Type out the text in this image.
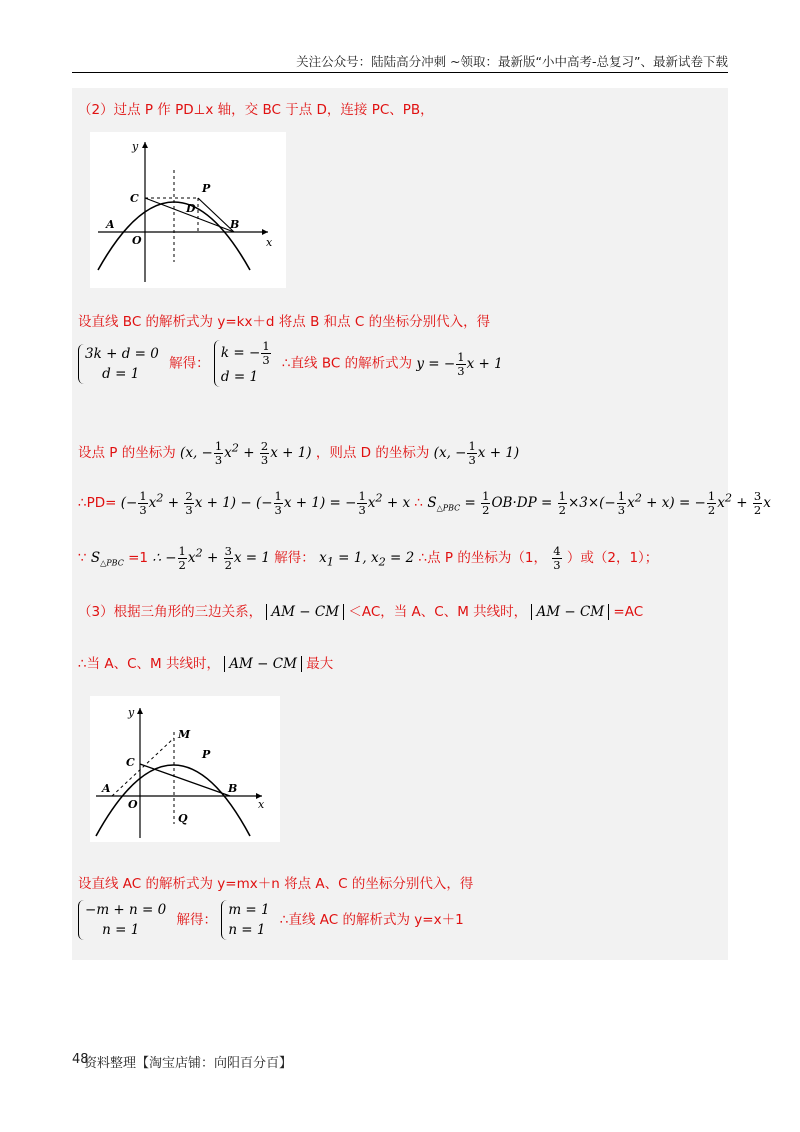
关注公众号：陆陆高分冲刺 ~领取：最新版“小中高考-总复习”、最新试卷下载
（2）过点 P 作 PD⊥x 轴，交 BC 于点 D，连接 PC、PB，
y
x
C
P
D
A
O
B
设直线 BC 的解析式为 y=kx＋d 将点 B 和点 C 的坐标分别代入，得
3k + d = 0
d = 1
解得：
k = − $\frac{1}{3}$
d = 1
∴直线 BC 的解析式为 y = − $\frac{1}{3}$ x + 1
设点 P 的坐标为 (x, − $\frac{1}{3} x^2 + \frac{2}{3}$ x + 1) ，则点 D 的坐标为 (x, − $\frac{1}{3}$ x + 1)
∴PD= (− $\frac{1}{3} x^2 + \frac{2}{3}$ x + 1) − (− $\frac{1}{3}$ x + 1) = − $\frac{1}{3} x^2 + x$ ∴ $S_{\triangle PBC} = \frac{1}{2} OB\cdot DP = \frac{1}{2} \times 3\times(- \frac{1}{3} x^2 + x)$ = − $\frac{1}{2} x^2 + \frac{3}{2}$ x
∵ $S_{\triangle PBC} =1$ ∴ − $\frac{1}{2} x^2 + \frac{3}{2}$ x = 1 解得： $x_1 = 1$, $x_2 = 2$ ∴点 P 的坐标为（1， $\frac{4}{3}$ ）或（2，1）；
（3）根据三角形的三边关系， AM − CM ＜AC，当 A、C、M 共线时， AM − CM =AC
∴当 A、C、M 共线时， AM − CM 最大
y
x
C
P
M
A
O
B
Q
设直线 AC 的解析式为 y=mx＋n 将点 A、C 的坐标分别代入，得
−m + n = 0
n = 1
解得：
m = 1
n = 1
∴直线 AC 的解析式为 y=x＋1
48
资料整理【淘宝店铺：向阳百分百】
